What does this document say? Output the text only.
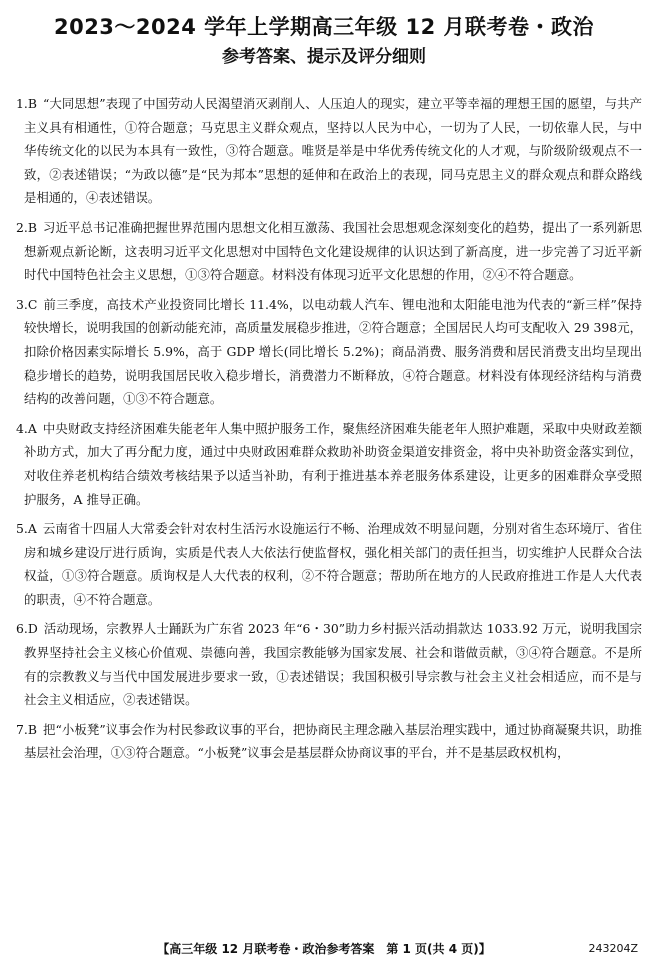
2023～2024 学年上学期高三年级 12 月联考卷・政治
参考答案、提示及评分细则

1.B “大同思想”表现了中国劳动人民渴望消灭剥削人、人压迫人的现实，建立平等幸福的理想王国的愿望，与共产主义具有相通性，①符合题意；马克思主义群众观点，坚持以人民为中心，一切为了人民，一切依靠人民，与中华传统文化的以民为本具有一致性，③符合题意。唯贤是举是中华优秀传统文化的人才观，与阶级阶级观点不一致，②表述错误；“为政以德”是“民为邦本”思想的延伸和在政治上的表现，同马克思主义的群众观点和群众路线是相通的，④表述错误。

2.B 习近平总书记准确把握世界范围内思想文化相互激荡、我国社会思想观念深刻变化的趋势，提出了一系列新思想新观点新论断，这表明习近平文化思想对中国特色文化建设规律的认识达到了新高度，进一步完善了习近平新时代中国特色社会主义思想，①③符合题意。材料没有体现习近平文化思想的作用，②④不符合题意。

3.C 前三季度，高技术产业投资同比增长 11.4%，以电动载人汽车、锂电池和太阳能电池为代表的“新三样”保持较快增长，说明我国的创新动能充沛，高质量发展稳步推进，②符合题意；全国居民人均可支配收入 29 398元，扣除价格因素实际增长 5.9%，高于 GDP 增长(同比增长 5.2%)；商品消费、服务消费和居民消费支出均呈现出稳步增长的趋势，说明我国居民收入稳步增长，消费潜力不断释放，④符合题意。材料没有体现经济结构与消费结构的改善问题，①③不符合题意。

4.A 中央财政支持经济困难失能老年人集中照护服务工作，聚焦经济困难失能老年人照护难题，采取中央财政差额补助方式，加大了再分配力度，通过中央财政困难群众救助补助资金渠道安排资金，将中央补助资金落实到位，对收住养老机构结合绩效考核结果予以适当补助，有利于推进基本养老服务体系建设，让更多的困难群众享受照护服务，A 推导正确。

5.A 云南省十四届人大常委会针对农村生活污水设施运行不畅、治理成效不明显问题，分别对省生态环境厅、省住房和城乡建设厅进行质询，实质是代表人大依法行使监督权，强化相关部门的责任担当，切实维护人民群众合法权益，①③符合题意。质询权是人大代表的权利，②不符合题意；帮助所在地方的人民政府推进工作是人大代表的职责，④不符合题意。

6.D 活动现场，宗教界人士踊跃为广东省 2023 年“6・30”助力乡村振兴活动捐款达 1033.92 万元，说明我国宗教界坚持社会主义核心价值观、崇德向善，我国宗教能够为国家发展、社会和谐做贡献，③④符合题意。不是所有的宗教教义与当代中国发展进步要求一致，①表述错误；我国积极引导宗教与社会主义社会相适应，而不是与社会主义相适应，②表述错误。

7.B 把“小板凳”议事会作为村民参政议事的平台，把协商民主理念融入基层治理实践中，通过协商凝聚共识，助推基层社会治理，①③符合题意。“小板凳”议事会是基层群众协商议事的平台，并不是基层政权机构，

【高三年级 12 月联考卷・政治参考答案　第 1 页(共 4 页)】	243204Z
